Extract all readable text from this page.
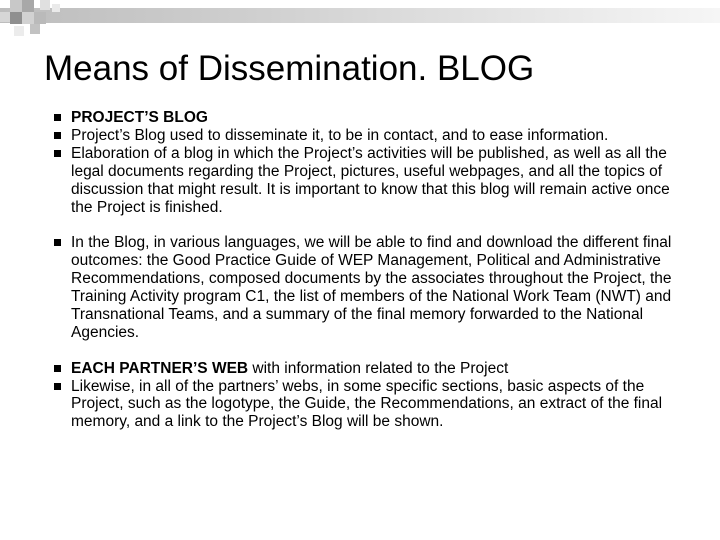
Means of Dissemination. BLOG
PROJECT’S BLOG
Project’s Blog used to disseminate it, to be in contact, and to ease information.
Elaboration of a blog in which the Project’s activities will be published, as well as all the legal documents regarding the Project, pictures, useful webpages, and all the topics of discussion that might result. It is important to know that this blog will remain active once the Project is finished.
In the Blog, in various languages, we will be able to find and download the different final outcomes: the Good Practice Guide of WEP Management, Political and Administrative Recommendations, composed documents by the associates throughout the Project, the Training Activity program C1, the list of members of the National Work Team (NWT) and Transnational Teams, and a summary of the final memory forwarded to the National Agencies.
EACH PARTNER’S WEB with information related to the Project
Likewise, in all of the partners’ webs, in some specific sections, basic aspects of the Project, such as the logotype, the Guide, the Recommendations, an extract of the final memory, and a link to the Project’s Blog will be shown.
